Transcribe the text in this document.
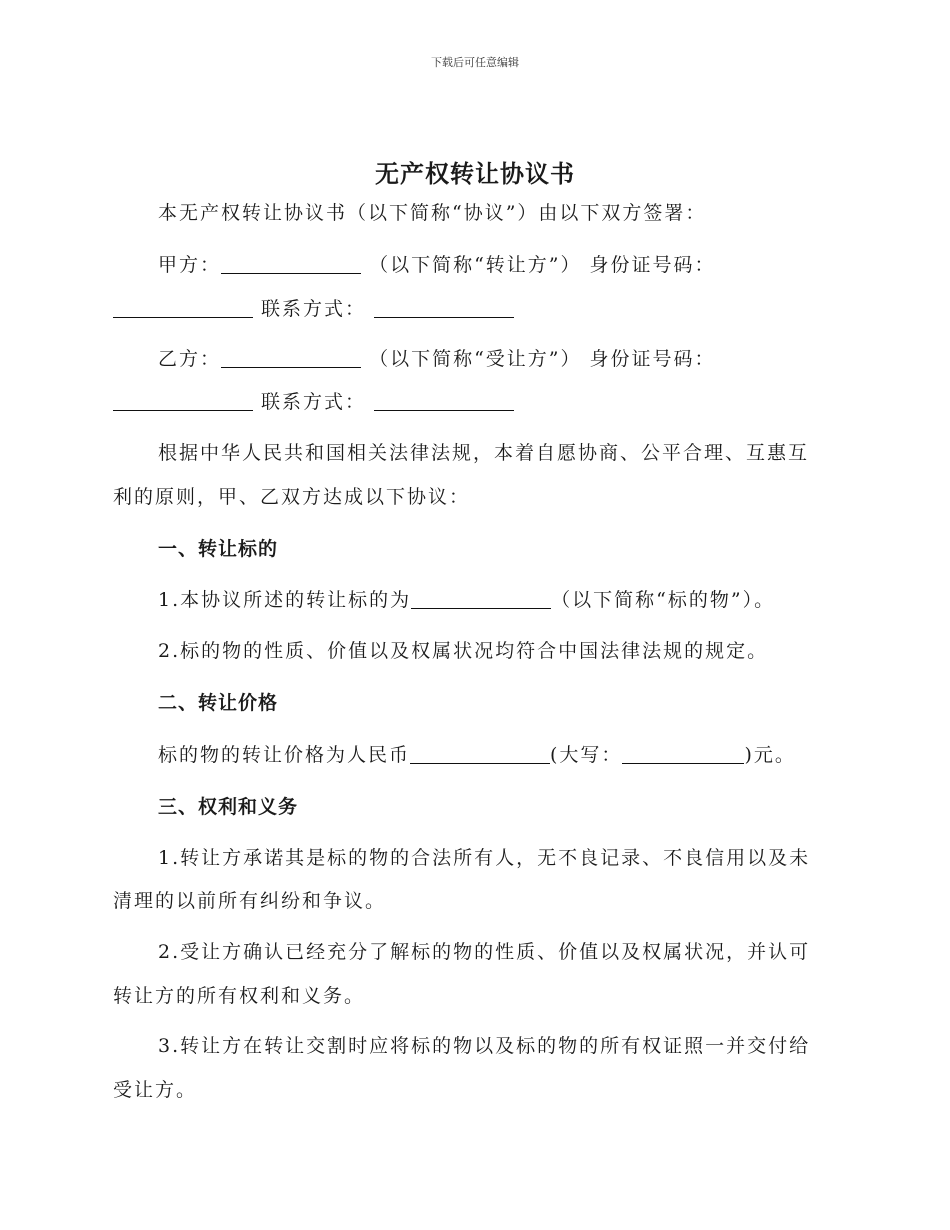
下载后可任意编辑
无产权转让协议书
本无产权转让协议书（以下简称“协议”）由以下双方签署：
甲方：	（以下简称“转让方”） 身份证号码：
联系方式：
乙方：	（以下简称“受让方”） 身份证号码：
联系方式：
根据中华人民共和国相关法律法规，本着自愿协商、公平合理、互惠互
利的原则，甲、乙双方达成以下协议：
一、转让标的
1.本协议所述的转让标的为	（以下简称“标的物”）。
2.标的物的性质、价值以及权属状况均符合中国法律法规的规定。
二、转让价格
标的物的转让价格为人民币	(大写：	)元。
三、权利和义务
1.转让方承诺其是标的物的合法所有人，无不良记录、不良信用以及未
清理的以前所有纠纷和争议。
2.受让方确认已经充分了解标的物的性质、价值以及权属状况，并认可
转让方的所有权利和义务。
3.转让方在转让交割时应将标的物以及标的物的所有权证照一并交付给
受让方。
